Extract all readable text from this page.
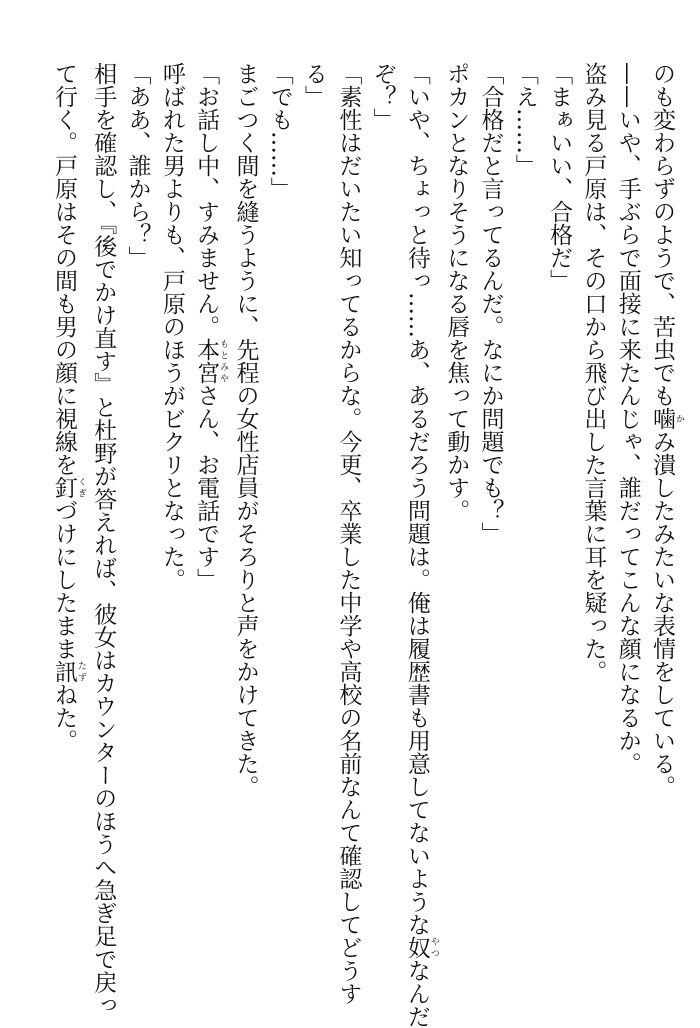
のも変わらずのようで、苦虫でも噛 かみ潰したみたいな表情をしている。
——いや、手ぶらで面接に来たんじゃ、誰だってこんな顔になるか。
盗み見る戸原は、その口から飛び出した言葉に耳を疑った。
「まぁいい、合格だ」
「え……」
「合格だと言ってるんだ。なにか問題でも？」
ポカンとなりそうになる唇を焦って動かす。
「いや、ちょっと待っ……あ、あるだろう問題は。俺は履歴書も用意してないような奴 やつなんだ
ぞ？」
「素性はだいたい知ってるからな。今更、卒業した中学や高校の名前なんて確認してどうす
る」
「でも……」
まごつく間を縫うように、先程の女性店員がそろりと声をかけてきた。
「お話し中、すみません。本宮 もとみやさん、お電話です」
呼ばれた男よりも、戸原のほうがビクリとなった。
「ああ、誰から？」
相手を確認し、『後でかけ直す』と杜野が答えれば、彼女はカウンターのほうへ急ぎ足で戻っ
て行く。戸原はその間も男の顔に視線を釘 くぎづけにしたまま訊 たずねた。
